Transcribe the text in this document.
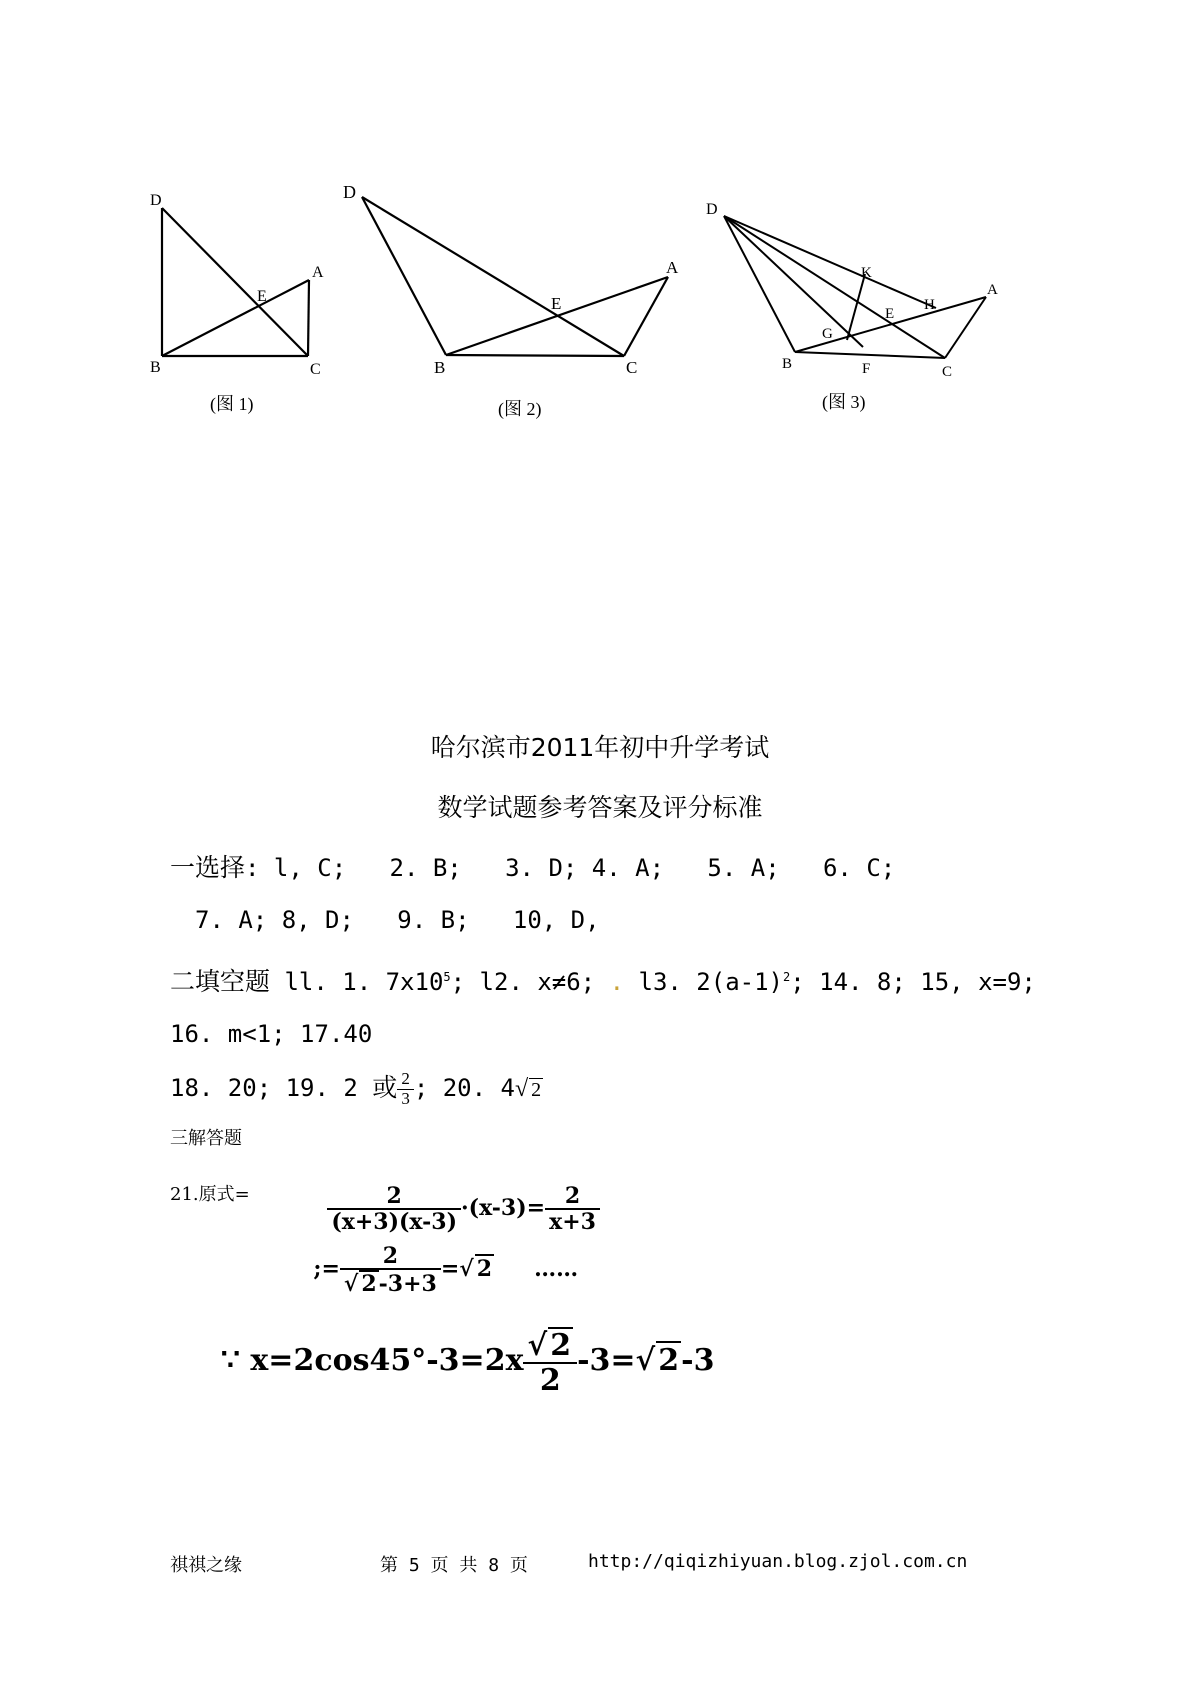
D
A
E
B	C
(图 1)
D
A
E
B	C
(图 2)
D
K
H
A
E
G
B	F	C
(图 3)
哈尔滨市2011年初中升学考试
数学试题参考答案及评分标准
一选择: l, C;   2. B;   3. D; 4. A;   5. A;   6. C;
7. A; 8, D;   9. B;   10, D,
二填空题 ll. 1. $7x10^5$; l2. x≠6; . l3. $2(a-1)^2$; 14. 8; 15, x=9;
16. m<1; 17.40
18. 20; 19. 2 或 $\frac{2}{3}$ ; 20. 4√ 2
三解答题
21.原式=

	$\frac{2}{(x+3)(x-3)} \cdot(x-3)= \frac{2}{x+3}$

;= $\frac{2}{√ 2-3+3}$ =√ 2 ……

∵ $x=2\cos 45^\circ-3=2x \frac{√ 2}{2} -3=√$ 2-3

祺祺之缘	第 5 页 共 8 页	http://qiqizhiyuan.blog.zjol.com.cn
